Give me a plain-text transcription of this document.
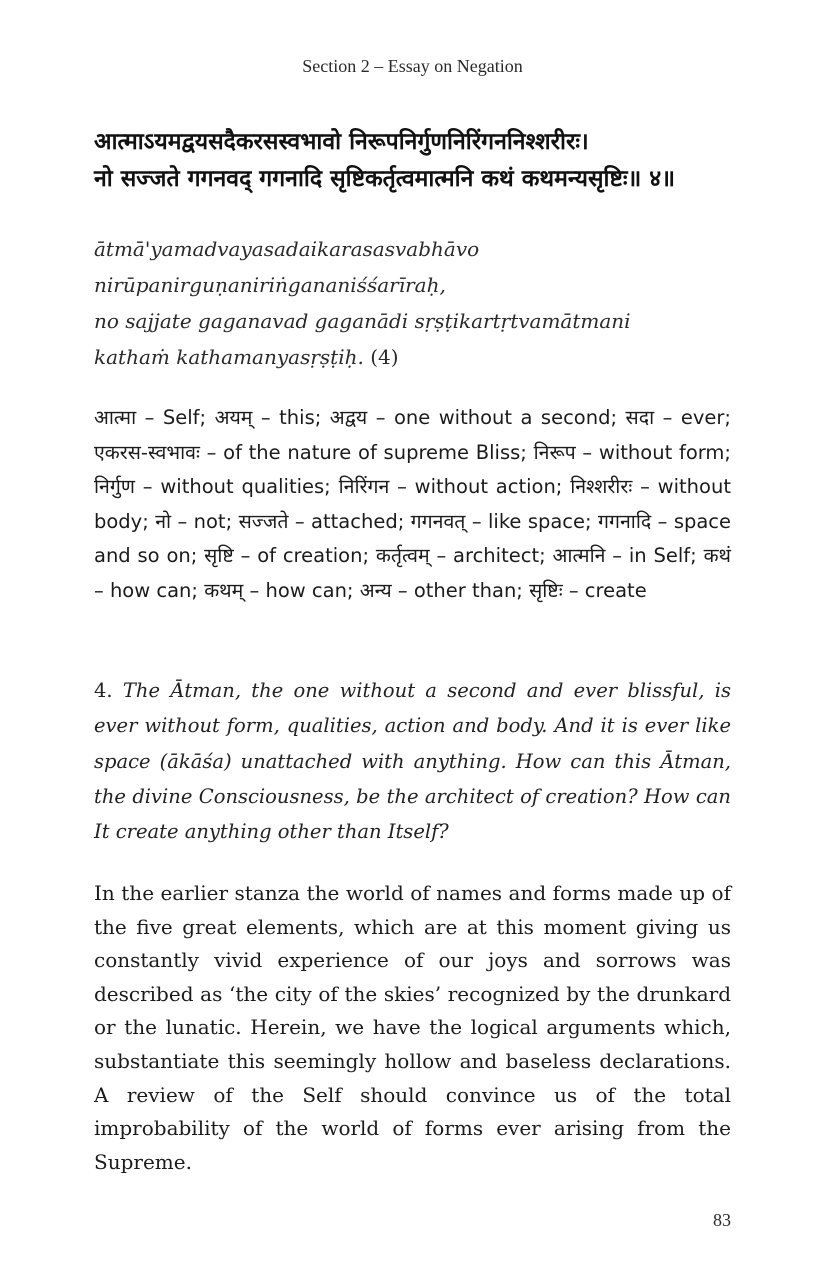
Section 2 – Essay on Negation
आत्माऽयमद्वयसदैकरसस्वभावो निरूपनिर्गुणनिरिंगननिश्शरीरः।
नो सज्जते गगनवद् गगनादि सृष्टिकर्तृत्वमात्मनि कथं कथमन्यसृष्टिः॥ ४॥
ātmā'yamadvayasadaikarasasvabhāvo
nirūpanirguṇaniriṅgananiśśarīraḥ,
no sajjate gaganavad gaganādi sṛṣṭikartṛtvamātmani
kathaṁ kathamanyasṛṣṭiḥ. (4)
आत्मा – Self; अयम् – this; अद्वय – one without a second; सदा – ever; एकरस-स्वभावः – of the nature of supreme Bliss; निरूप – without form; निर्गुण – without qualities; निरिंगन – without action; निश्शरीरः – without body; नो – not; सज्जते – attached; गगनवत् – like space; गगनादि – space and so on; सृष्टि – of creation; कर्तृत्वम् – architect; आत्मनि – in Self; कथं – how can; कथम् – how can; अन्य – other than; सृष्टिः – create
4. The Ātman, the one without a second and ever blissful, is ever without form, qualities, action and body. And it is ever like space (ākāśa) unattached with anything. How can this Ātman, the divine Consciousness, be the architect of creation? How can It create anything other than Itself?
In the earlier stanza the world of names and forms made up of the five great elements, which are at this moment giving us constantly vivid experience of our joys and sorrows was described as ‘the city of the skies’ recognized by the drunkard or the lunatic. Herein, we have the logical arguments which, substantiate this seemingly hollow and baseless declarations. A review of the Self should convince us of the total improbability of the world of forms ever arising from the Supreme.
83
